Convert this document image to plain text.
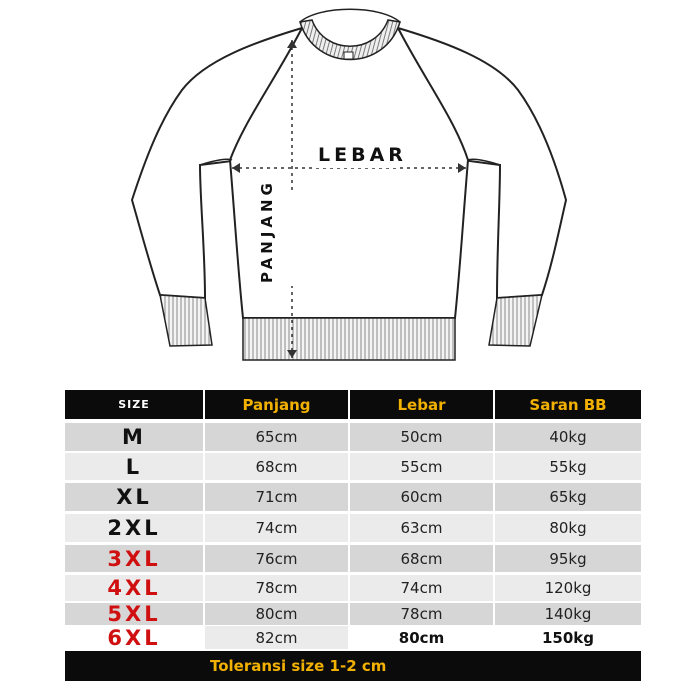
LEBAR
PANJANG
SIZE	Panjang	Lebar	Saran BB
M	65cm	50cm	40kg
L	68cm	55cm	55kg
XL	71cm	60cm	65kg
2XL	74cm	63cm	80kg
3XL	76cm	68cm	95kg
4XL	78cm	74cm	120kg
5XL	80cm	78cm	140kg
6XL	82cm	80cm	150kg
Toleransi size 1-2 cm
